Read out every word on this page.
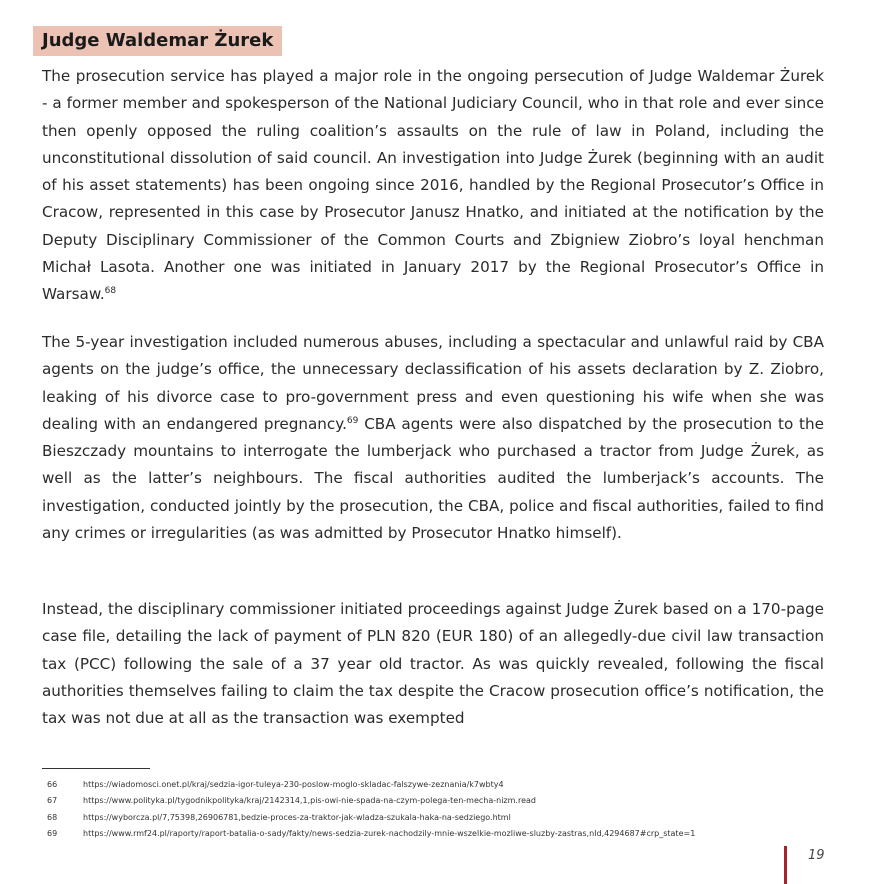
Judge Waldemar Żurek

The prosecution service has played a major role in the ongoing persecution of Judge Waldemar Żurek - a former member and spokesperson of the National Judiciary Council, who in that role and ever since then openly opposed the ruling coalition’s assaults on the rule of law in Poland, including the unconstitutional dissolution of said council. An investigation into Judge Żurek (beginning with an audit of his asset statements) has been ongoing since 2016, handled by the Regional Prosecutor’s Office in Cracow, represented in this case by Prosecutor Janusz Hnatko, and initiated at the notification by the Deputy Disciplinary Commissioner of the Common Courts and Zbigniew Ziobro’s loyal henchman Michał Lasota. Another one was initiated in January 2017 by the Regional Prosecutor’s Office in Warsaw.$^{68}$

The 5-year investigation included numerous abuses, including a spectacular and unlawful raid by CBA agents on the judge’s office, the unnecessary declassification of his assets declaration by Z. Ziobro, leaking of his divorce case to pro-government press and even questioning his wife when she was dealing with an endangered pregnancy.$^{69}$ CBA agents were also dispatched by the prosecution to the Bieszczady mountains to interrogate the lumberjack who purchased a tractor from Judge Żurek, as well as the latter’s neighbours. The fiscal authorities audited the lumberjack’s accounts. The investigation, conducted jointly by the prosecution, the CBA, police and fiscal authorities, failed to find any crimes or irregularities (as was admitted by Prosecutor Hnatko himself).

Instead, the disciplinary commissioner initiated proceedings against Judge Żurek based on a 170-page case file, detailing the lack of payment of PLN 820 (EUR 180) of an allegedly-due civil law transaction tax (PCC) following the sale of a 37 year old tractor. As was quickly revealed, following the fiscal authorities themselves failing to claim the tax despite the Cracow prosecution office’s notification, the tax was not due at all as the transaction was exempted

66	https://wiadomosci.onet.pl/kraj/sedzia-igor-tuleya-230-poslow-moglo-skladac-falszywe-zeznania/k7wbty4
67	https://www.polityka.pl/tygodnikpolityka/kraj/2142314,1,pis-owi-nie-spada-na-czym-polega-ten-mecha-nizm.read
68	https://wyborcza.pl/7,75398,26906781,bedzie-proces-za-traktor-jak-wladza-szukala-haka-na-sedziego.html
69	https://www.rmf24.pl/raporty/raport-batalia-o-sady/fakty/news-sedzia-zurek-nachodzily-mnie-wszelkie-mozliwe-sluzby-zastras,nId,4294687#crp_state=1
19
